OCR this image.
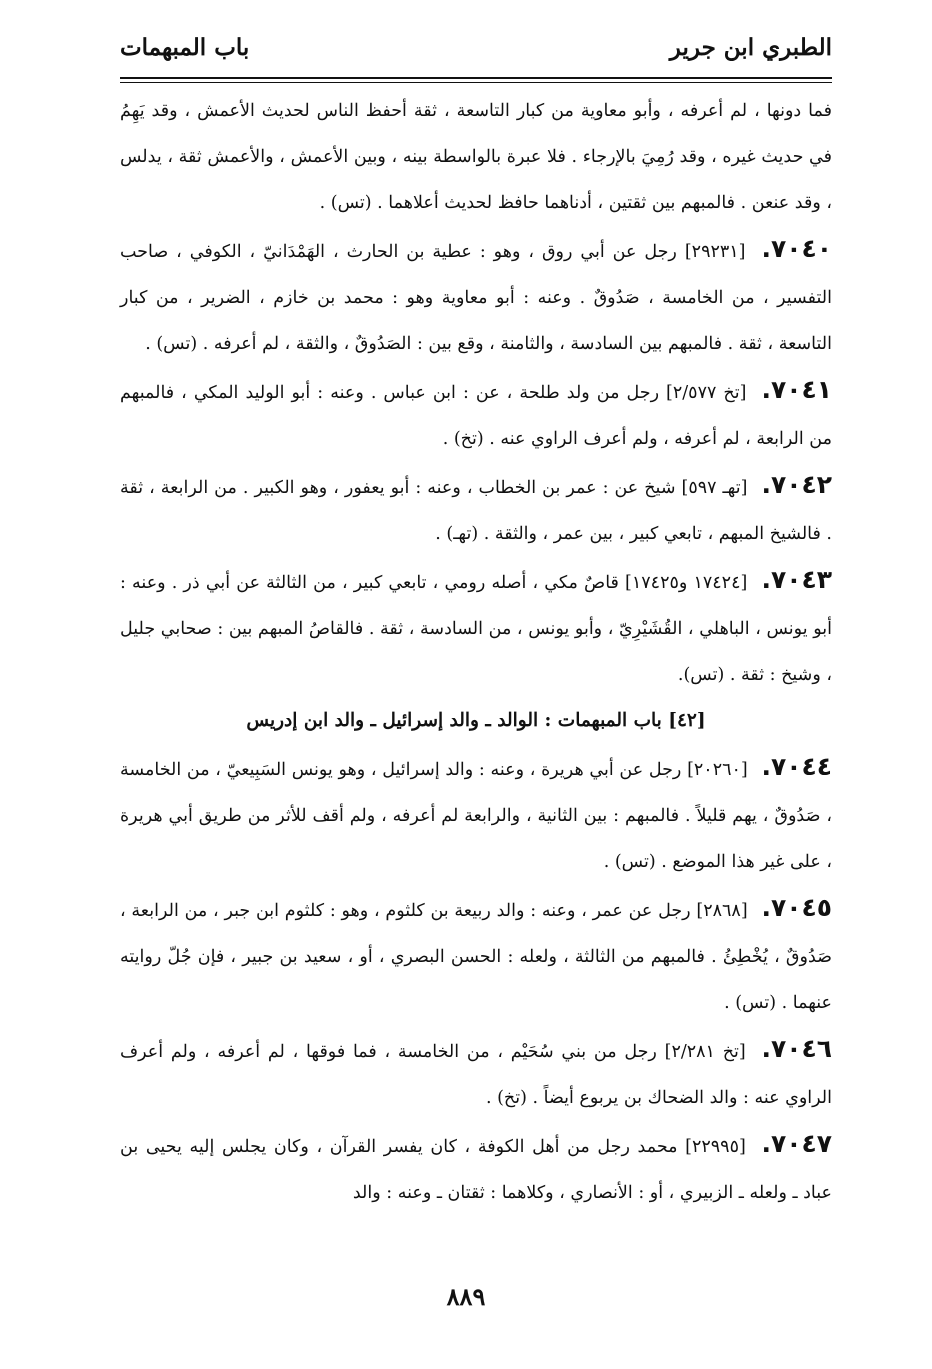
الطبري ابن جرير
باب المبهمات

فما دونها ، لم أعرفه ، وأبو معاوية من كبار التاسعة ، ثقة أحفظ الناس لحديث الأعمش ، وقد يَهِمُ في حديث غيره ، وقد رُمِيَ بالإرجاء . فلا عبرة بالواسطة بينه ، وبين الأعمش ، والأعمش ثقة ، يدلس ، وقد عنعن . فالمبهم بين ثقتين ، أدناهما حافظ لحديث أعلاهما . (تس) .

٧٠٤٠. [٢٩٢٣١] رجل عن أبي روق ، وهو : عطية بن الحارث ، الهَمْدَانيّ ، الكوفي ، صاحب التفسير ، من الخامسة ، صَدُوقٌ . وعنه : أبو معاوية وهو : محمد بن خازم ، الضرير ، من كبار التاسعة ، ثقة . فالمبهم بين السادسة ، والثامنة ، وقع بين : الصَدُوقٌ ، والثقة ، لم أعرفه . (تس) .

٧٠٤١. [تخ ٢/٥٧٧] رجل من ولد طلحة ، عن : ابن عباس . وعنه : أبو الوليد المكي ، فالمبهم من الرابعة ، لم أعرفه ، ولم أعرف الراوي عنه . (تخ) .

٧٠٤٢. [تهـ ٥٩٧] شيخ عن : عمر بن الخطاب ، وعنه : أبو يعفور ، وهو الكبير . من الرابعة ، ثقة . فالشيخ المبهم ، تابعي كبير ، بين عمر ، والثقة . (تهـ) .

٧٠٤٣. [١٧٤٢٤ و١٧٤٢٥] قاصٌ مكي ، أصله رومي ، تابعي كبير ، من الثالثة عن أبي ذر . وعنه : أبو يونس ، الباهلي ، القُشَيْرِيّ ، وأبو يونس ، من السادسة ، ثقة . فالقاصُ المبهم بين : صحابي جليل ، وشيخ : ثقة . (تس).

[٤٢] باب المبهمات : الوالد ـ والد إسرائيل ـ والد ابن إدريس

٧٠٤٤. [٢٠٢٦٠] رجل عن أبي هريرة ، وعنه : والد إسرائيل ، وهو يونس السَبِيعيّ ، من الخامسة ، صَدُوقٌ ، يهم قليلاً . فالمبهم : بين الثانية ، والرابعة لم أعرفه ، ولم أقف للأثر من طريق أبي هريرة ، على غير هذا الموضع . (تس) .

٧٠٤٥. [٢٨٦٨] رجل عن عمر ، وعنه : والد ربيعة بن كلثوم ، وهو : كلثوم ابن جبر ، من الرابعة ، صَدُوقٌ ، يُخْطِئُ . فالمبهم من الثالثة ، ولعله : الحسن البصري ، أو ، سعيد بن جبير ، فإن جُلّ روايته عنهما . (تس) .

٧٠٤٦. [تخ ٢/٢٨١] رجل من بني سُحَيْم ، من الخامسة ، فما فوقها ، لم أعرفه ، ولم أعرف الراوي عنه : والد الضحاك بن يربوع أيضاً . (تخ) .

٧٠٤٧. [٢٢٩٩٥] محمد رجل من أهل الكوفة ، كان يفسر القرآن ، وكان يجلس إليه يحيى بن عباد ـ ولعله ـ الزبيري ، أو : الأنصاري ، وكلاهما : ثقتان ـ وعنه : والد

٨٨٩
